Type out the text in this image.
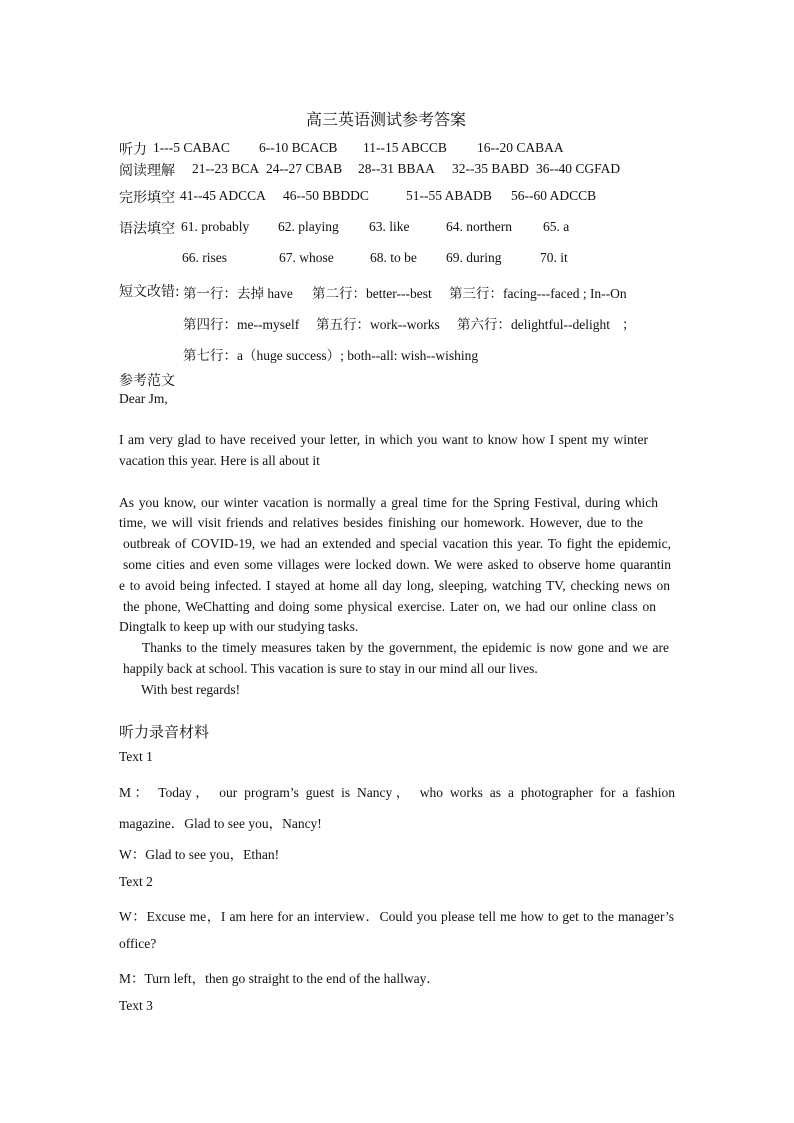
高三英语测试参考答案
听力 1---5 CABAC 6--10 BCACB 11--15 ABCCB 16--20 CABAA
阅读理解 21--23 BCA 24--27 CBAB 28--31 BBAA 32--35 BABD 36--40 CGFAD
完形填空 41--45 ADCCA 46--50 BBDDC	51--55 ABADB 56--60 ADCCB
语法填空 61. probably 62. playing 63. like	64. northern 65. a
66. rises	67. whose	68. to be 69. during	70. it
短文改错: 第一行：去掉 have 第二行：better---best 第三行：facing---faced ; In--On
第四行：me--myself 第五行：work--works 第六行：delightful--delight ；
第七行：a（huge success）; both--all: wish--wishing
参考范文
Dear Jm,
I am very glad to have received your letter, in which you want to know how I spent my winter
vacation this year. Here is all about it
As you know, our winter vacation is normally a greal time for the Spring Festival, during which
time, we will visit friends and relatives besides finishing our homework. However, due to the
outbreak of COVID-19, we had an extended and special vacation this year. To fight the epidemic,
some cities and even some villages were locked down. We were asked to observe home quarantin
e to avoid being infected. I stayed at home all day long, sleeping, watching TV, checking news on
the phone, WeChatting and doing some physical exercise. Later on, we had our online class on
Dingtalk to keep up with our studying tasks.
Thanks to the timely measures taken by the government, the epidemic is now gone and we are
happily back at school. This vacation is sure to stay in our mind all our lives.
With best regards!
听力录音材料
Text 1
M： Today， our program’s guest is Nancy， who works as a photographer for a fashion
magazine．Glad to see you，Nancy!
W：Glad to see you，Ethan!
Text 2
W：Excuse me，I am here for an interview．Could you please tell me how to get to the manager’s
office?
M：Turn left，then go straight to the end of the hallway．
Text 3
